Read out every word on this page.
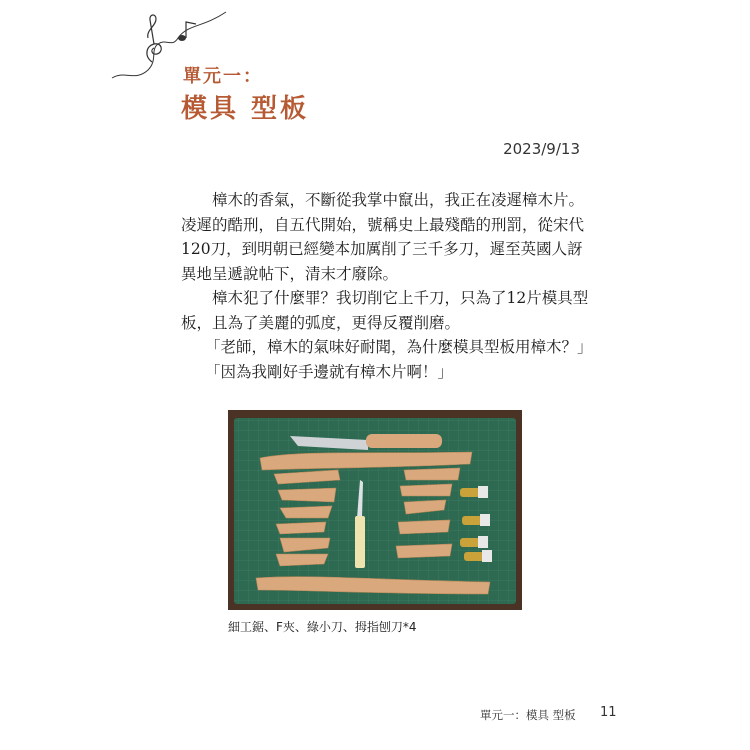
單元一：
模具 型板
2023/9/13

樟木的香氣，不斷從我掌中竄出，我正在凌遲樟木片。凌遲的酷刑，自五代開始，號稱史上最殘酷的刑罰，從宋代120刀，到明朝已經變本加厲削了三千多刀，遲至英國人訝異地呈遞說帖下，清末才廢除。

樟木犯了什麼罪？我切削它上千刀，只為了12片模具型板，且為了美麗的弧度，更得反覆削磨。

「老師，樟木的氣味好耐聞，為什麼模具型板用樟木？」

「因為我剛好手邊就有樟木片啊！」

細工鋸、F夾、綠小刀、拇指刨刀*4
單元一：模具 型板 11
